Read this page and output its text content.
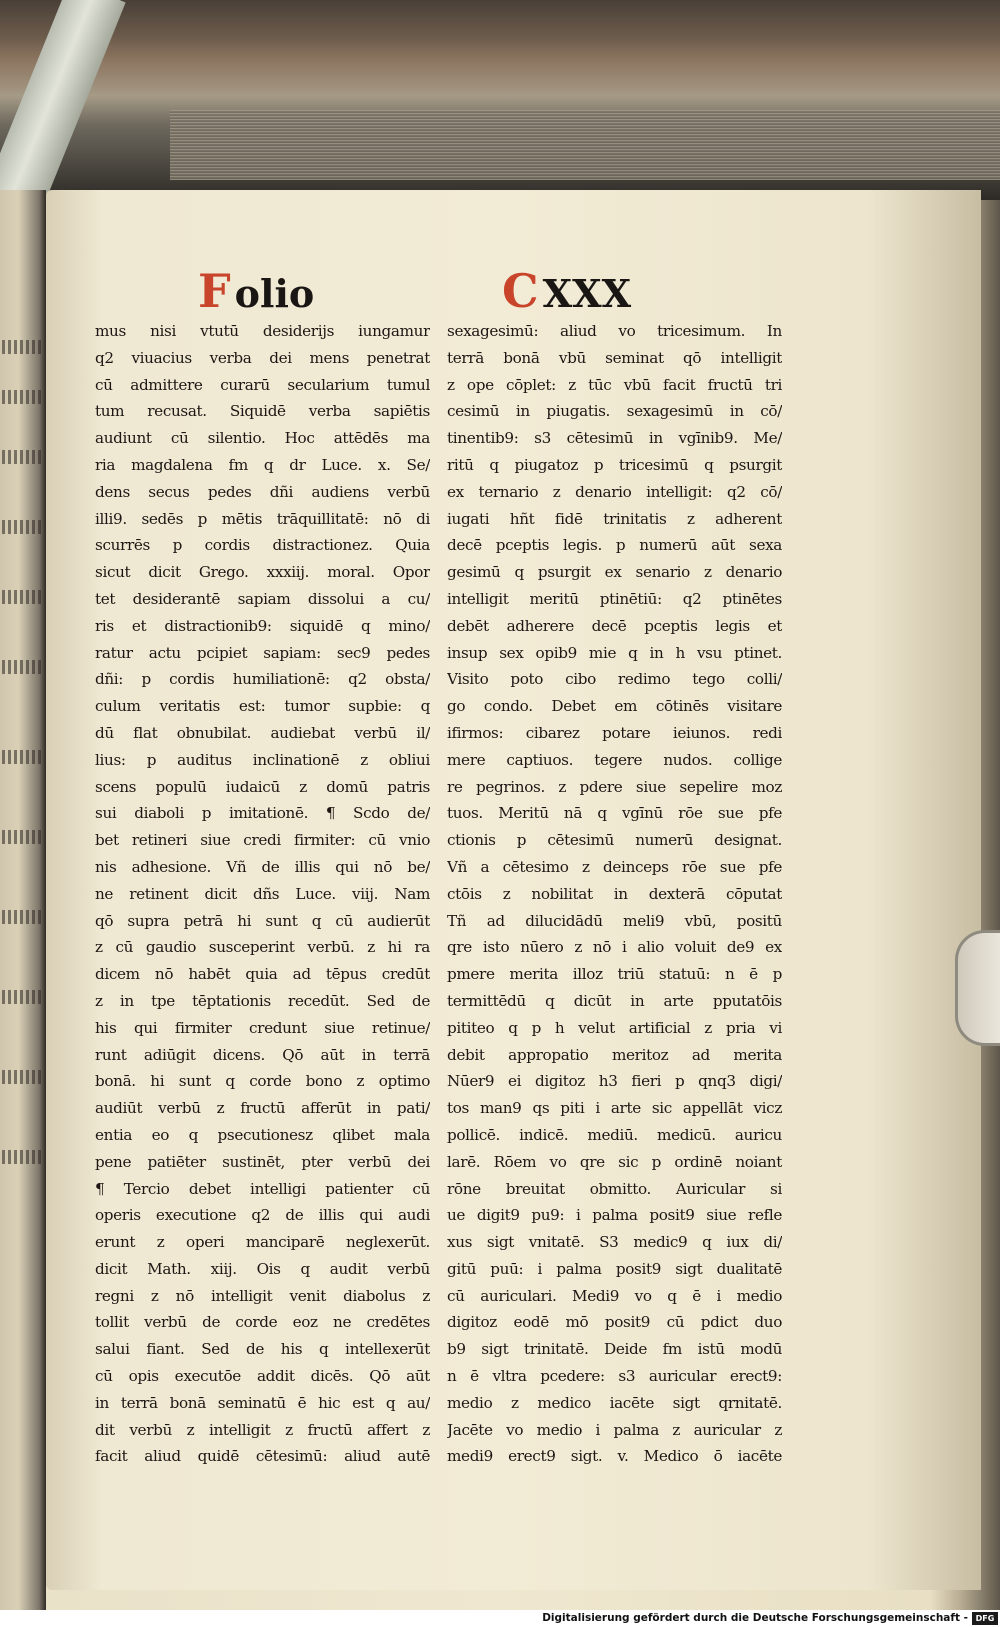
F olio	C XXX
mus nisi vtutū desiderijs iungamur
q2 viuacius verba dei mens penetrat
cū admittere curarū secularium tumul
tum recusat. Siquidē verba sapiētis
audiunt cū silentio. Hoc attēdēs ma
ria magdalena fm q dr Luce. x. Se/
dens secus pedes dñi audiens verbū
illi9. sedēs p mētis trāquillitatē: nō di
scurrēs p cordis distractionez. Quia
sicut dicit Grego. xxxiij. moral. Opor
tet desiderantē sapiam dissolui a cu/
ris et distractionib9: siquidē q mino/
ratur actu pcipiet sapiam: sec9 pedes
dñi: p cordis humiliationē: q2 obsta/
culum veritatis est: tumor supbie: q
dū flat obnubilat. audiebat verbū il/
lius: p auditus inclinationē z obliui
scens populū iudaicū z domū patris
sui diaboli p imitationē. ¶ Scdo de/
bet retineri siue credi firmiter: cū vnio
nis adhesione. Vñ de illis qui nō be/
ne retinent dicit dñs Luce. viij. Nam
qō supra petrā hi sunt q cū audierūt
z cū gaudio susceperint verbū. z hi ra
dicem nō habēt quia ad tēpus credūt
z in tpe tēptationis recedūt. Sed de
his qui firmiter credunt siue retinue/
runt adiūgit dicens. Qō aūt in terrā
bonā. hi sunt q corde bono z optimo
audiūt verbū z fructū afferūt in pati/
entia eo q psecutionesz qlibet mala
pene patiēter sustinēt, pter verbū dei
¶ Tercio debet intelligi patienter cū
operis executione q2 de illis qui audi
erunt z operi manciparē neglexerūt.
dicit Math. xiij. Ois q audit verbū
regni z nō intelligit venit diabolus z
tollit verbū de corde eoz ne credētes
salui fiant. Sed de his q intellexerūt
cū opis executōe addit dicēs. Qō aūt
in terrā bonā seminatū ē hic est q au/
dit verbū z intelligit z fructū affert z
facit aliud quidē cētesimū: aliud autē
sexagesimū: aliud vo tricesimum. In
terrā bonā vbū seminat qō intelligit
z ope cōplet: z tūc vbū facit fructū tri
cesimū in piugatis. sexagesimū in cō/
tinentib9: s3 cētesimū in vgīnib9. Me/
ritū q piugatoz p tricesimū q psurgit
ex ternario z denario intelligit: q2 cō/
iugati hñt fidē trinitatis z adherent
decē pceptis legis. p numerū aūt sexa
gesimū q psurgit ex senario z denario
intelligit meritū ptinētiū: q2 ptinētes
debēt adherere decē pceptis legis et
insup sex opib9 mie q in h vsu ptinet.
Visito poto cibo redimo tego colli/
go condo. Debet em cōtinēs visitare
ifirmos: cibarez potare ieiunos. redi
mere captiuos. tegere nudos. collige
re pegrinos. z pdere siue sepelire moz
tuos. Meritū nā q vgīnū rōe sue pfe
ctionis p cētesimū numerū designat.
Vñ a cētesimo z deinceps rōe sue pfe
ctōis z nobilitat in dexterā cōputat
Tñ ad dilucidādū meli9 vbū, positū
qre isto nūero z nō i alio voluit de9 ex
pmere merita illoz triū statuū: n ē p
termittēdū q dicūt in arte pputatōis
pititeo q p h velut artificial z pria vi
debit appropatio meritoz ad merita
Nūer9 ei digitoz h3 fieri p qnq3 digi/
tos man9 qs piti i arte sic appellāt vicz
pollicē. indicē. mediū. medicū. auricu
larē. Rōem vo qre sic p ordinē noiant
rōne breuitat obmitto. Auricular si
ue digit9 pu9: i palma posit9 siue refle
xus sigt vnitatē. S3 medic9 q iux di/
gitū puū: i palma posit9 sigt dualitatē
cū auriculari. Medi9 vo q ē i medio
digitoz eodē mō posit9 cū pdict duo
b9 sigt trinitatē. Deide fm istū modū
n ē vltra pcedere: s3 auricular erect9:
medio z medico iacēte sigt qrnitatē.
Jacēte vo medio i palma z auricular z
medi9 erect9 sigt. v. Medico ō iacēte
Digitalisierung gefördert durch die Deutsche Forschungsgemeinschaft - DFG
